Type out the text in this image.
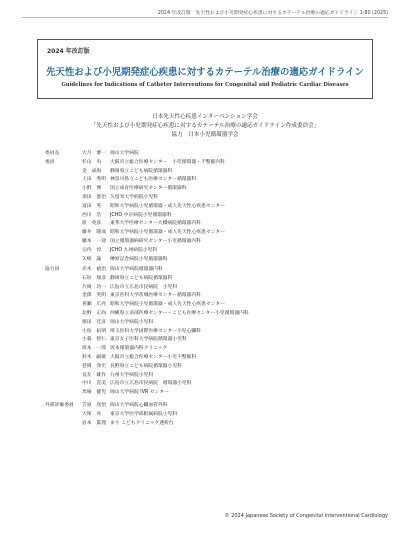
2024 年改訂版　先天性および小児期発症心疾患に対するカテーテル治療の適応ガイドライン 1-80 (2025)
2024 年改訂版
先天性および小児期発症心疾患に対するカテーテル治療の適応ガイドライン
Guidelines for Indications of Catheter Interventions for Congenital and Pediatric Cardiac Diseases
日本先天性心疾患インターベンション学会
「先天性および小児期発症心疾患に対するカテーテル治療の適応ガイドライン作成委員会」
協力　日本小児循環器学会
委員長	大月　審一 岡山大学病院
委員	杉山　央	大阪市立総合医療センター　小児循環器・不整脈内科
金　成海	静岡県立こども病院循環器科
上田　秀明 神奈川県立こども医療センター循環器科
小野　博	国立成育医療研究センター循環器科
須田　憲治 久留米大学病院小児科
富田　英	昭和大学病院小児循環器・成人先天性心疾患センター
西川　浩	JCHO 中京病院小児循環器科
原　英彦	東邦大学医療センター大橋病院循環器内科
藤井　隆成 昭和大学病院小児循環器・成人先天性心疾患センター
藤本　一途 国立循環器病研究センター小児循環器内科
宗内　淳	JCHO 九州病院小児科
矢崎　諭	榊原記念病院小児循環器科
協力員	赤木　禎治 岡山大学病院循環器内科
石垣　瑞彦 静岡県立こども病院循環器科
片岡　功一 広島市立広島市民病院　小児科
金澤　英明 東京医科大学茨城医療センター循環器内科
喜瀬　広亮 昭和大学病院小児循環器・成人先天性心疾患センター
北野　正尚 沖縄県立南部医療センター・こども医療センター小児循環器内科
栗田　佳彦 岡山大学病院小児科
小島　拓朗 埼玉医科大学国際医療センター小児心臓科
小暮　智仁 東京女子医科大学病院循環器小児科
坂本　一郎 坂本循環器内科クリニック
鈴木　嗣敏 大阪市立総合医療センター小児不整脈科
巷岡　浄宏 長野県立こども病院循環器小児科
長友　雄作 九州大学病院小児科
中川　直美 広島市立広島市民病院　循環器小児科
馬場　健児 岡山大学病院 IVR センター
外部評価委員	笠原　真悟 岡山大学病院心臓血管外科
大塚　亮	東京大学医学部附属病院小児科
岩本　眞理 まり こどもクリニック透析台
© 2024 Japanese Society of Congenital Interventional Cardiology
